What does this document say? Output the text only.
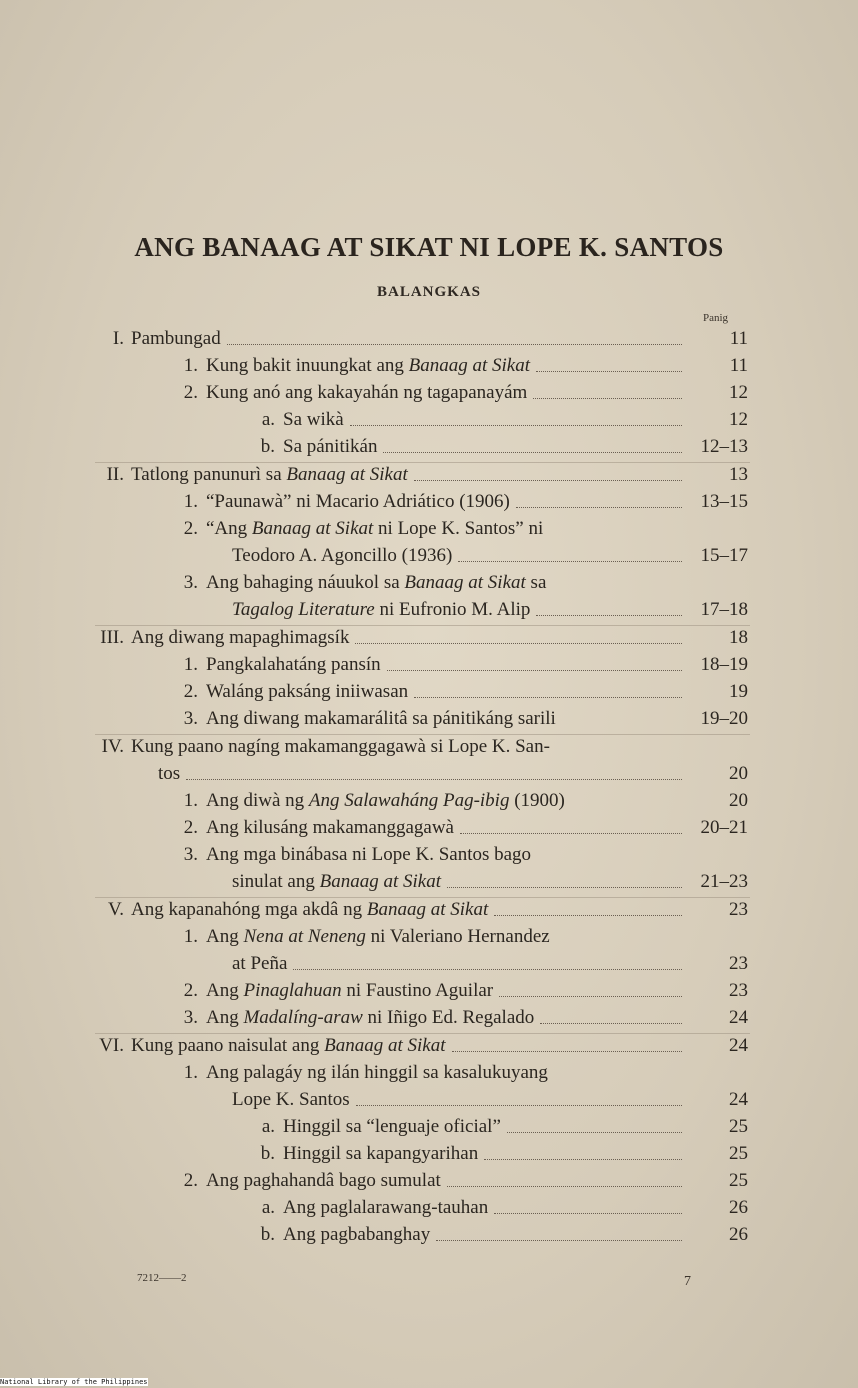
ANG BANAAG AT SIKAT NI LOPE K. SANTOS
BALANGKAS
Panig
I. Pambungad	11
1. Kung bakit inuungkat ang Banaag at Sikat	11
2. Kung anó ang kakayahán ng tagapanayám	12
a. Sa wikà	12
b. Sa pánitikán	12–13
II. Tatlong panunurì sa Banaag at Sikat	13
1. “Paunawà” ni Macario Adriático (1906)	13–15
2. “Ang Banaag at Sikat ni Lope K. Santos” ni
Teodoro A. Agoncillo (1936)	15–17
3. Ang bahaging náuukol sa Banaag at Sikat sa
Tagalog Literature ni Eufronio M. Alip	17–18
III. Ang diwang mapaghimagsík	18
1. Pangkalahatáng pansín	18–19
2. Waláng paksáng iniiwasan	19
3. Ang diwang makamarálitâ sa pánitikáng sarili	19–20
IV. Kung paano nagíng makamanggagawà si Lope K. San-
tos	20
1. Ang diwà ng Ang Salawaháng Pag-ibig (1900)	20
2. Ang kilusáng makamanggagawà	20–21
3. Ang mga binábasa ni Lope K. Santos bago
sinulat ang Banaag at Sikat	21–23
V. Ang kapanahóng mga akdâ ng Banaag at Sikat	23
1. Ang Nena at Neneng ni Valeriano Hernandez
at Peña	23
2. Ang Pinaglahuan ni Faustino Aguilar	23
3. Ang Madalíng-araw ni Iñigo Ed. Regalado	24
VI. Kung paano naisulat ang Banaag at Sikat	24
1. Ang palagáy ng ilán hinggil sa kasalukuyang
Lope K. Santos	24
a. Hinggil sa “lenguaje oficial”	25
b. Hinggil sa kapangyarihan	25
2. Ang paghahandâ bago sumulat	25
a. Ang paglalarawang-tauhan	26
b. Ang pagbabanghay	26
7212——2	7
National Library of the Philippines
